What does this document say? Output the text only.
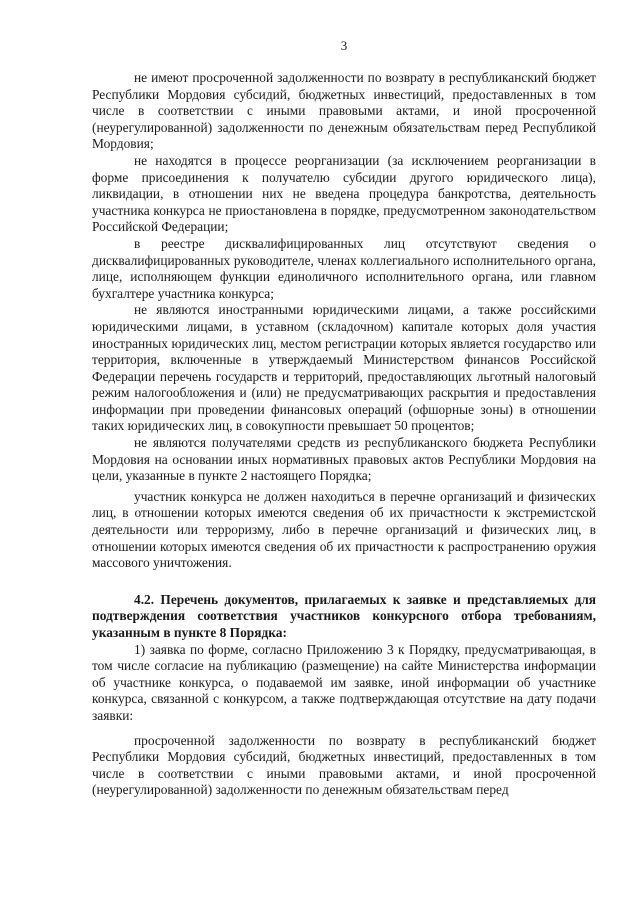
3

не имеют просроченной задолженности по возврату в республиканский бюджет Республики Мордовия субсидий, бюджетных инвестиций, предоставленных в том числе в соответствии с иными правовыми актами, и иной просроченной (неурегулированной) задолженности по денежным обязательствам перед Республикой Мордовия;

не находятся в процессе реорганизации (за исключением реорганизации в форме присоединения к получателю субсидии другого юридического лица), ликвидации, в отношении них не введена процедура банкротства, деятельность участника конкурса не приостановлена в порядке, предусмотренном законодательством Российской Федерации;

в реестре дисквалифицированных лиц отсутствуют сведения о дисквалифицированных руководителе, членах коллегиального исполнительного органа, лице, исполняющем функции единоличного исполнительного органа, или главном бухгалтере участника конкурса;

не являются иностранными юридическими лицами, а также российскими юридическими лицами, в уставном (складочном) капитале которых доля участия иностранных юридических лиц, местом регистрации которых является государство или территория, включенные в утверждаемый Министерством финансов Российской Федерации перечень государств и территорий, предоставляющих льготный налоговый режим налогообложения и (или) не предусматривающих раскрытия и предоставления информации при проведении финансовых операций (офшорные зоны) в отношении таких юридических лиц, в совокупности превышает 50 процентов;

не являются получателями средств из республиканского бюджета Республики Мордовия на основании иных нормативных правовых актов Республики Мордовия на цели, указанные в пункте 2 настоящего Порядка;

участник конкурса не должен находиться в перечне организаций и физических лиц, в отношении которых имеются сведения об их причастности к экстремистской деятельности или терроризму, либо в перечне организаций и физических лиц, в отношении которых имеются сведения об их причастности к распространению оружия массового уничтожения.

4.2. Перечень документов, прилагаемых к заявке и представляемых для подтверждения соответствия участников конкурсного отбора требованиям, указанным в пункте 8 Порядка:

1) заявка по форме, согласно Приложению 3 к Порядку, предусматривающая, в том числе согласие на публикацию (размещение) на сайте Министерства информации об участнике конкурса, о подаваемой им заявке, иной информации об участнике конкурса, связанной с конкурсом, а также подтверждающая отсутствие на дату подачи заявки:

просроченной задолженности по возврату в республиканский бюджет Республики Мордовия субсидий, бюджетных инвестиций, предоставленных в том числе в соответствии с иными правовыми актами, и иной просроченной (неурегулированной) задолженности по денежным обязательствам перед
